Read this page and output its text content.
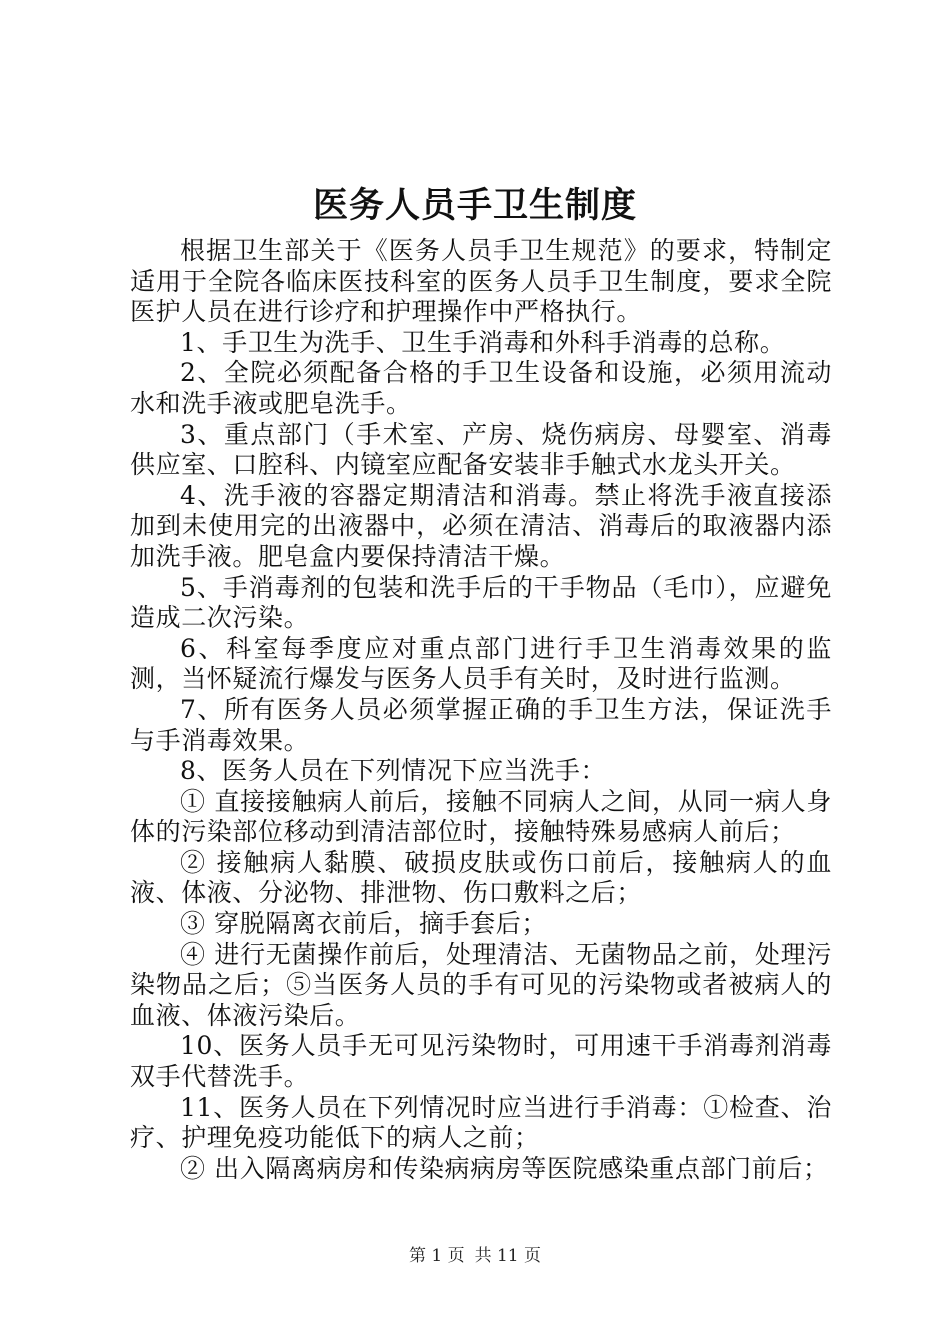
医务人员手卫生制度

根据卫生部关于《医务人员手卫生规范》的要求，特制定适用于全院各临床医技科室的医务人员手卫生制度，要求全院医护人员在进行诊疗和护理操作中严格执行。

1、手卫生为洗手、卫生手消毒和外科手消毒的总称。

2、全院必须配备合格的手卫生设备和设施，必须用流动水和洗手液或肥皂洗手。

3、重点部门（手术室、产房、烧伤病房、母婴室、消毒供应室、口腔科、内镜室应配备安装非手触式水龙头开关。

4、洗手液的容器定期清洁和消毒。禁止将洗手液直接添加到未使用完的出液器中，必须在清洁、消毒后的取液器内添加洗手液。肥皂盒内要保持清洁干燥。

5、手消毒剂的包装和洗手后的干手物品（毛巾），应避免造成二次污染。

6、科室每季度应对重点部门进行手卫生消毒效果的监测，当怀疑流行爆发与医务人员手有关时，及时进行监测。

7、所有医务人员必须掌握正确的手卫生方法，保证洗手与手消毒效果。

8、医务人员在下列情况下应当洗手：

① 直接接触病人前后，接触不同病人之间，从同一病人身体的污染部位移动到清洁部位时，接触特殊易感病人前后；

② 接触病人黏膜、破损皮肤或伤口前后，接触病人的血液、体液、分泌物、排泄物、伤口敷料之后；

③ 穿脱隔离衣前后，摘手套后；

④ 进行无菌操作前后，处理清洁、无菌物品之前，处理污染物品之后；⑤当医务人员的手有可见的污染物或者被病人的血液、体液污染后。

10、医务人员手无可见污染物时，可用速干手消毒剂消毒双手代替洗手。

11、医务人员在下列情况时应当进行手消毒：①检查、治疗、护理免疫功能低下的病人之前；

② 出入隔离病房和传染病病房等医院感染重点部门前后；

第 1 页 共 11 页
